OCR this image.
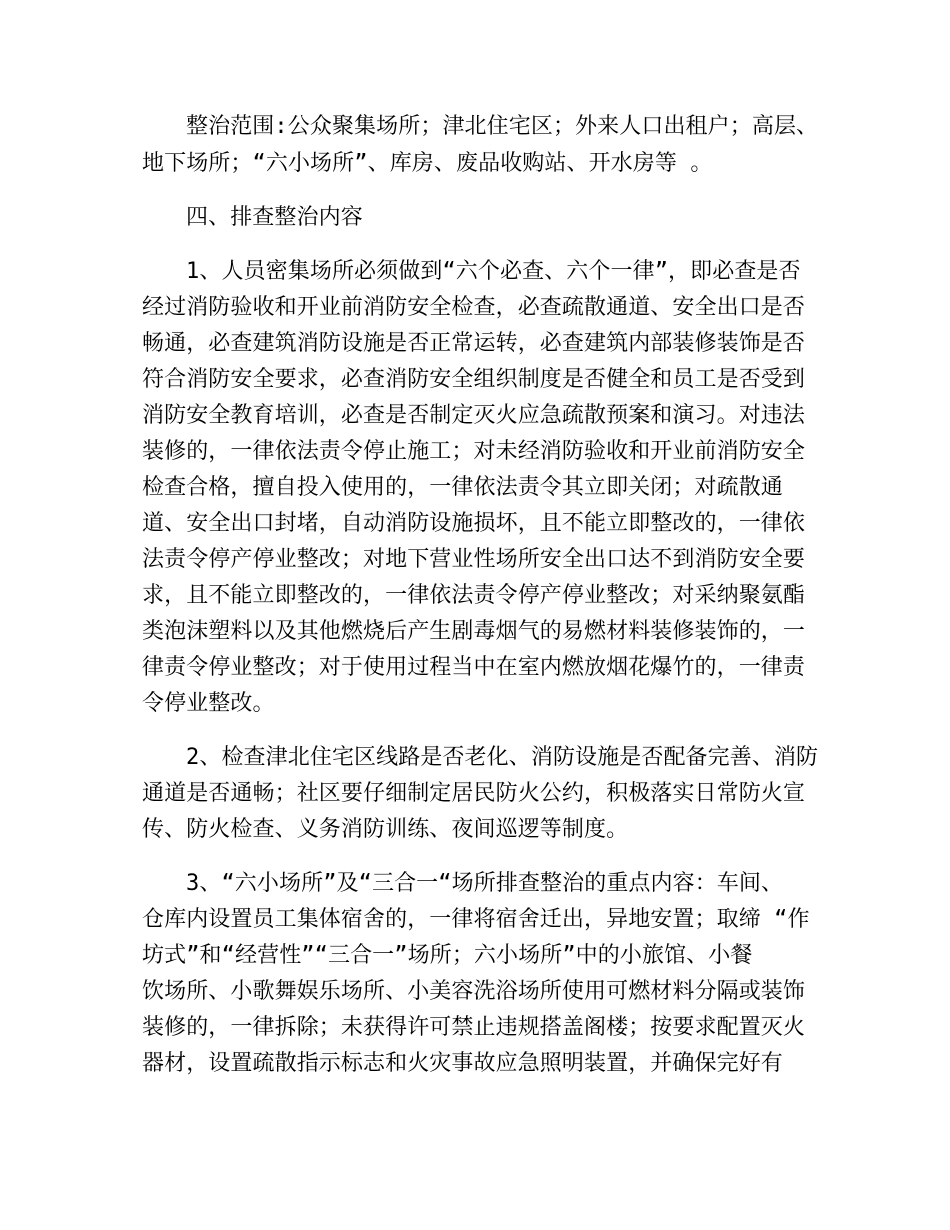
整治范围:公众聚集场所；津北住宅区；外来人口出租户；高层、

地下场所；“六小场所”、库房、废品收购站、开水房等 。

四、排查整治内容

1、人员密集场所必须做到“六个必查、六个一律”，即必查是否

经过消防验收和开业前消防安全检查，必查疏散通道、安全出口是否

畅通，必查建筑消防设施是否正常运转，必查建筑内部装修装饰是否

符合消防安全要求，必查消防安全组织制度是否健全和员工是否受到

消防安全教育培训，必查是否制定灭火应急疏散预案和演习。对违法

装修的，一律依法责令停止施工；对未经消防验收和开业前消防安全

检查合格，擅自投入使用的，一律依法责令其立即关闭；对疏散通

道、安全出口封堵，自动消防设施损坏，且不能立即整改的，一律依

法责令停产停业整改；对地下营业性场所安全出口达不到消防安全要

求，且不能立即整改的，一律依法责令停产停业整改；对采纳聚氨酯

类泡沫塑料以及其他燃烧后产生剧毒烟气的易燃材料装修装饰的，一

律责令停业整改；对于使用过程当中在室内燃放烟花爆竹的，一律责

令停业整改。

2、检查津北住宅区线路是否老化、消防设施是否配备完善、消防

通道是否通畅；社区要仔细制定居民防火公约，积极落实日常防火宣

传、防火检查、义务消防训练、夜间巡逻等制度。

3、“六小场所”及“三合一“场所排查整治的重点内容：车间、

仓库内设置员工集体宿舍的，一律将宿舍迁出，异地安置；取缔 “作

坊式”和“经营性”“三合一”场所；六小场所”中的小旅馆、小餐

饮场所、小歌舞娱乐场所、小美容洗浴场所使用可燃材料分隔或装饰

装修的，一律拆除；未获得许可禁止违规搭盖阁楼；按要求配置灭火

器材，设置疏散指示标志和火灾事故应急照明装置，并确保完好有
